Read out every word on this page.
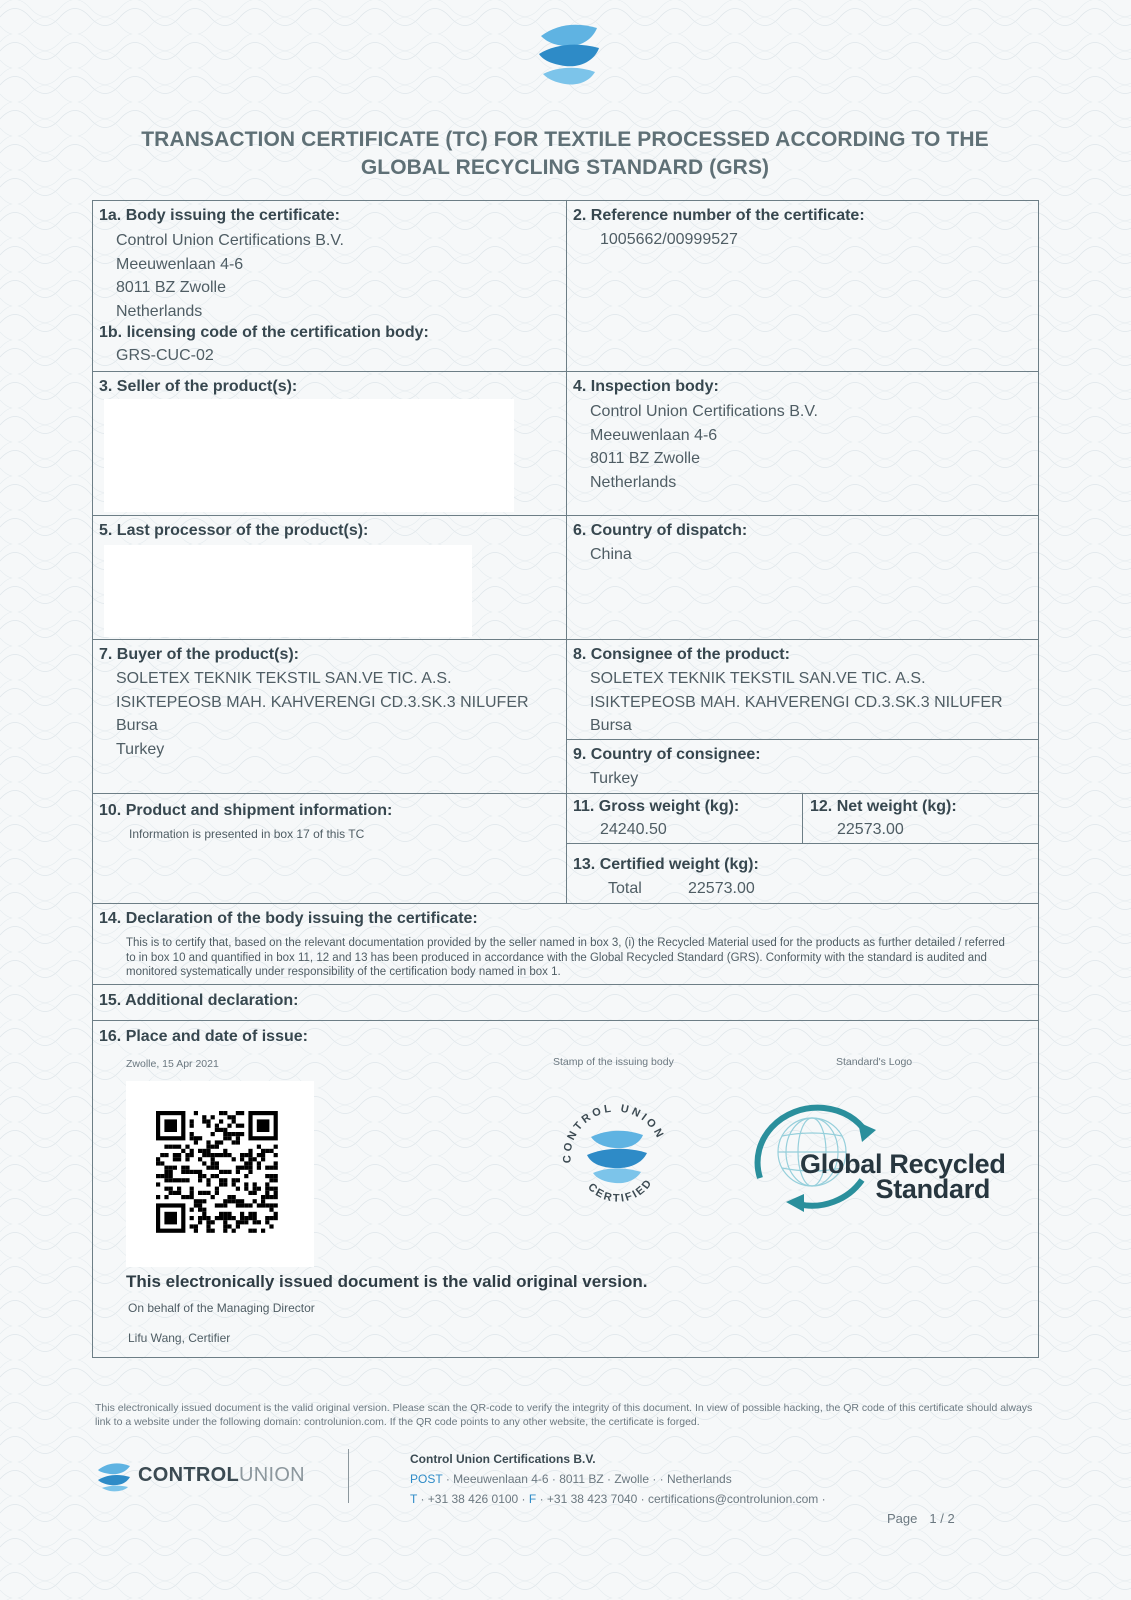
TRANSACTION CERTIFICATE (TC) FOR TEXTILE PROCESSED ACCORDING TO THE
GLOBAL RECYCLING STANDARD (GRS)
1a. Body issuing the certificate:
Control Union Certifications B.V.
Meeuwenlaan 4-6
8011 BZ Zwolle
Netherlands
1b. licensing code of the certification body:
GRS-CUC-02
2. Reference number of the certificate:
1005662/00999527
3. Seller of the product(s):	4. Inspection body:
Control Union Certifications B.V.
Meeuwenlaan 4-6
8011 BZ Zwolle
Netherlands
5. Last processor of the product(s):	6. Country of dispatch:
China
7. Buyer of the product(s):
SOLETEX TEKNIK TEKSTIL SAN.VE TIC. A.S.
ISIKTEPEOSB MAH. KAHVERENGI CD.3.SK.3 NILUFER
Bursa
Turkey
8. Consignee of the product:
SOLETEX TEKNIK TEKSTIL SAN.VE TIC. A.S.
ISIKTEPEOSB MAH. KAHVERENGI CD.3.SK.3 NILUFER
Bursa
9. Country of consignee:
Turkey
10. Product and shipment information:
Information is presented in box 17 of this TC
11. Gross weight (kg):
24240.50
12. Net weight (kg):
22573.00
13. Certified weight (kg):
Total	22573.00
14. Declaration of the body issuing the certificate:
This is to certify that, based on the relevant documentation provided by the seller named in box 3, (i) the Recycled Material used for the products as further detailed / referred to in box 10 and quantified in box 11, 12 and 13 has been produced in accordance with the Global Recycled Standard (GRS). Conformity with the standard is audited and monitored systematically under responsibility of the certification body named in box 1.
15. Additional declaration:
16. Place and date of issue:
Zwolle, 15 Apr 2021	Stamp of the issuing body	Standard's Logo
CONTROL UNION
CERTIFIED
Global Recycled
Standard
This electronically issued document is the valid original version.
On behalf of the Managing Director
Lifu Wang, Certifier
This electronically issued document is the valid original version. Please scan the QR-code to verify the integrity of this document. In view of possible hacking, the QR code of this certificate should always link to a website under the following domain: controlunion.com. If the QR code points to any other website, the certificate is forged.
CONTROLUNION
Control Union Certifications B.V.
POST · Meeuwenlaan 4-6 · 8011 BZ · Zwolle · · Netherlands
T · +31 38 426 0100 · F · +31 38 423 7040 · certifications@controlunion.com ·
Page 1 / 2
